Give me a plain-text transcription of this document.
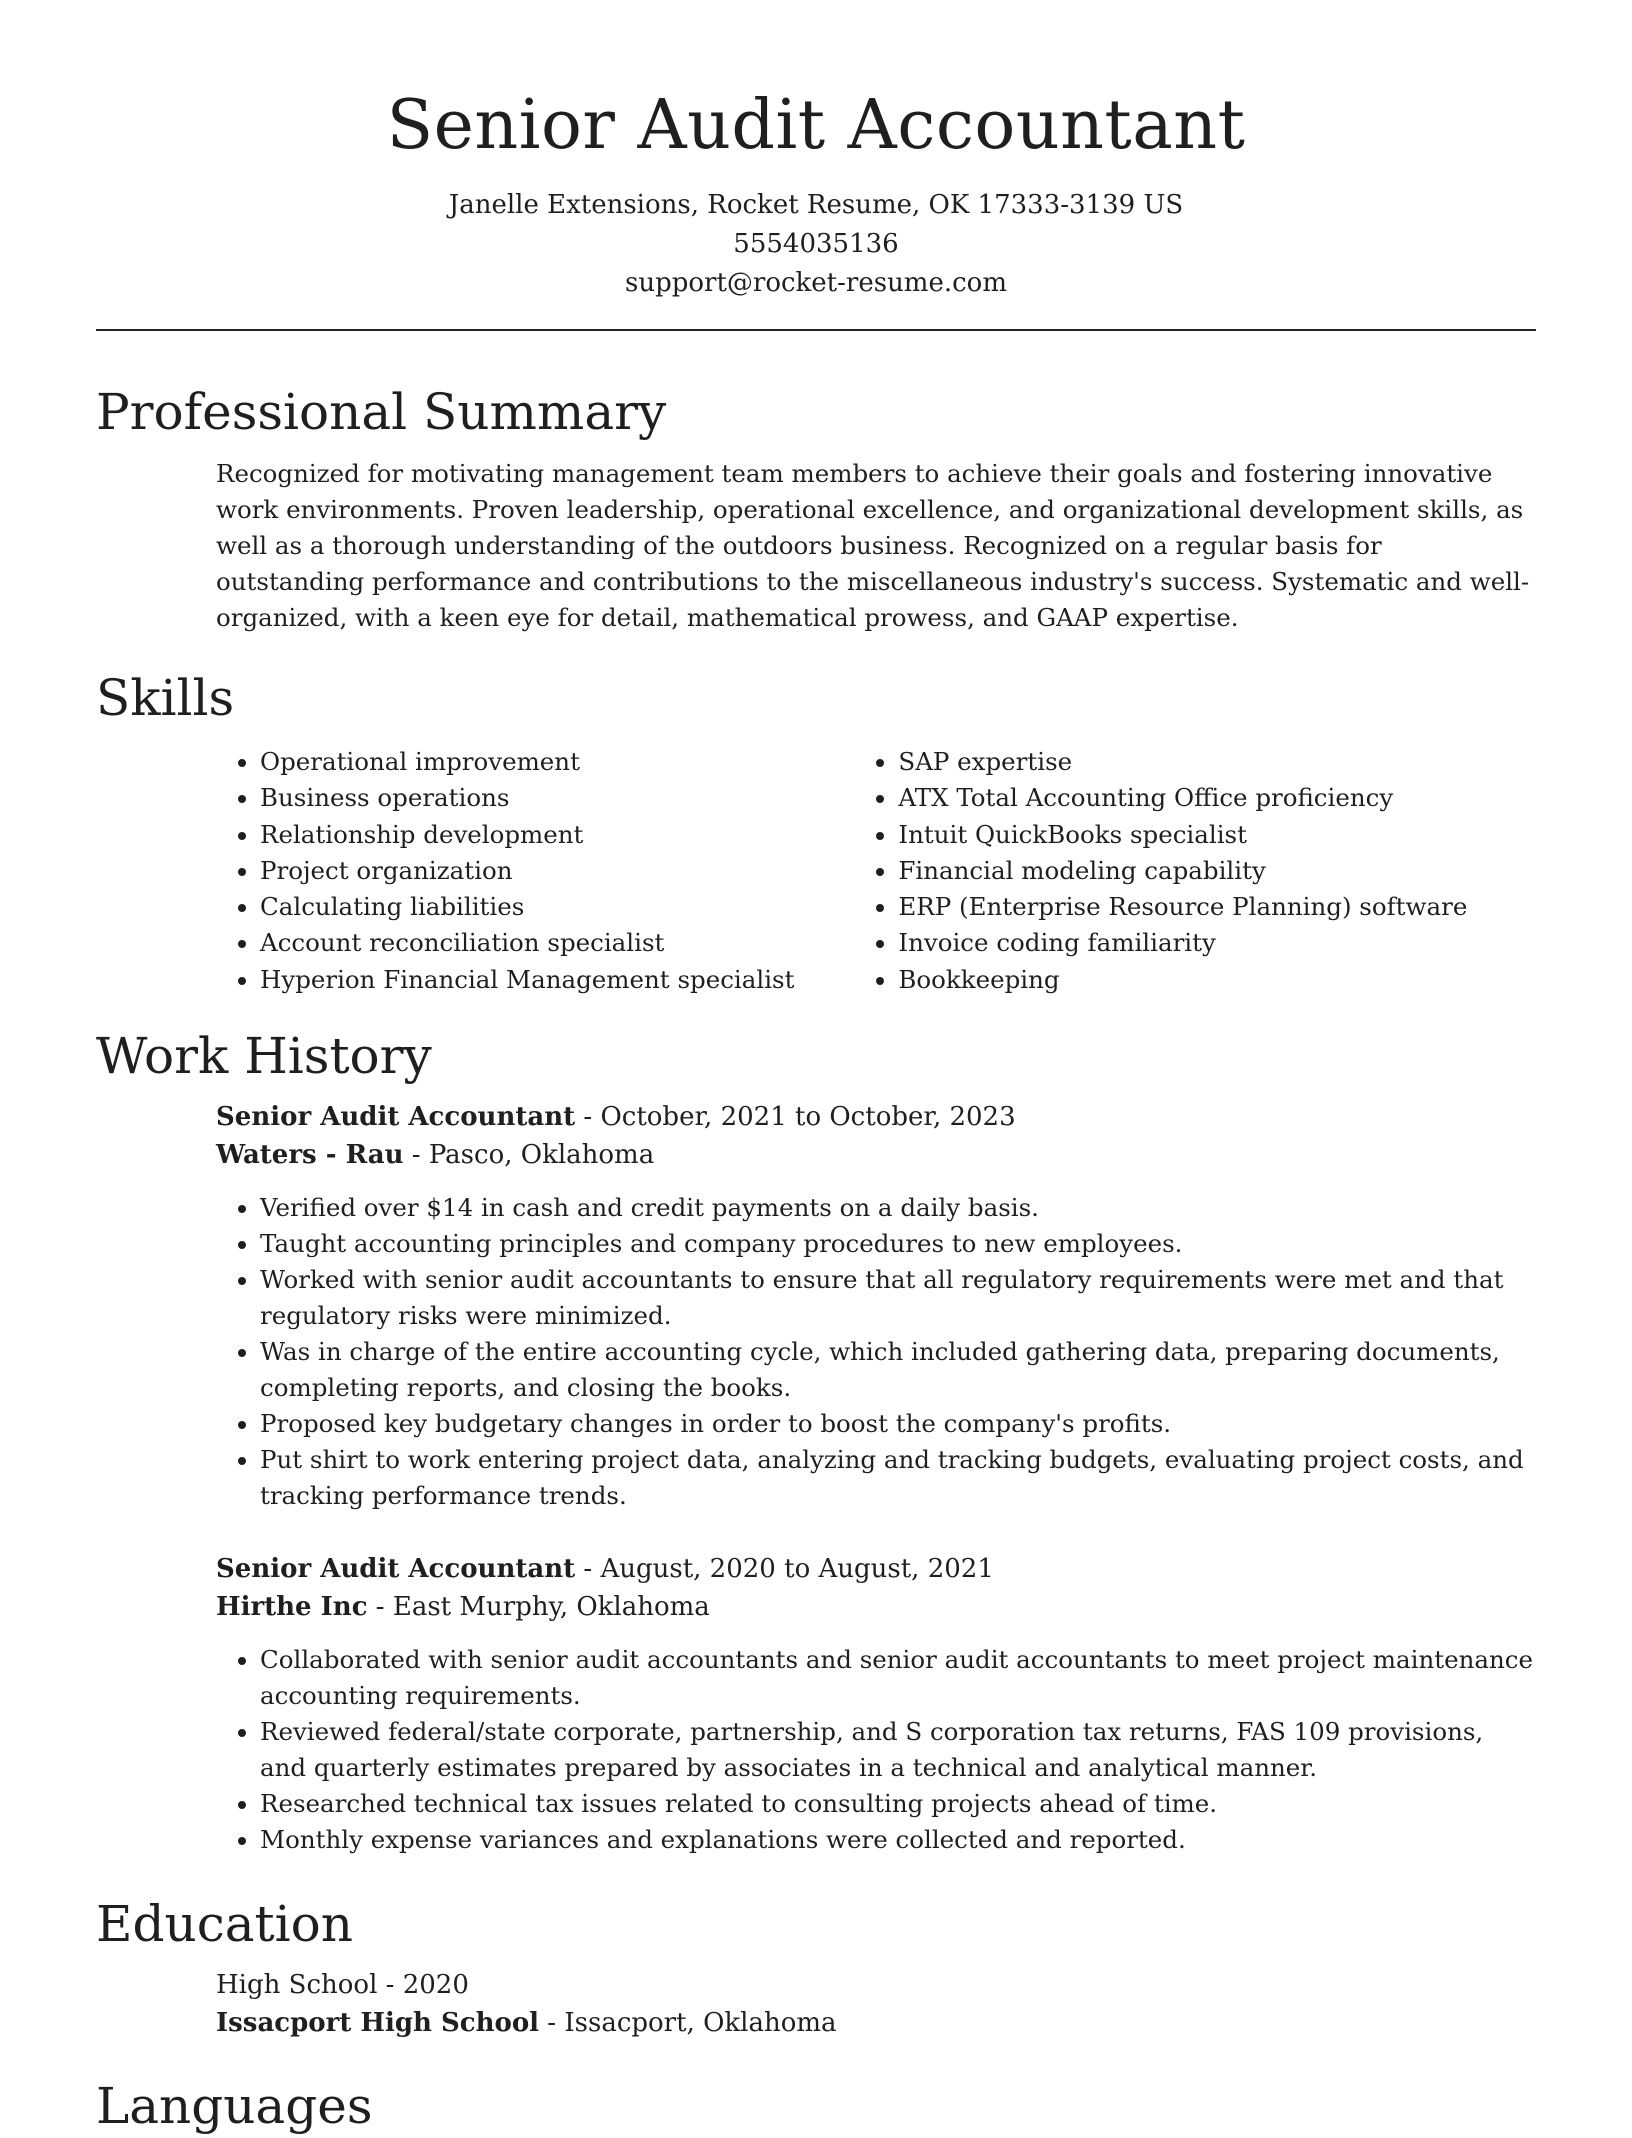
Senior Audit Accountant
Janelle Extensions, Rocket Resume, OK 17333-3139 US
5554035136
support@rocket-resume.com
Professional Summary

Recognized for motivating management team members to achieve their goals and fostering innovative work environments. Proven leadership, operational excellence, and organizational development skills, as well as a thorough understanding of the outdoors business. Recognized on a regular basis for outstanding performance and contributions to the miscellaneous industry's success. Systematic and well-organized, with a keen eye for detail, mathematical prowess, and GAAP expertise.

Skills
• Operational improvement
• Business operations
• Relationship development
• Project organization
• Calculating liabilities
• Account reconciliation specialist
• Hyperion Financial Management specialist
• SAP expertise
• ATX Total Accounting Office proficiency
• Intuit QuickBooks specialist
• Financial modeling capability
• ERP (Enterprise Resource Planning) software
• Invoice coding familiarity
• Bookkeeping
Work History
Senior Audit Accountant - October, 2021 to October, 2023
Waters - Rau - Pasco, Oklahoma
• Verified over $14 in cash and credit payments on a daily basis.
• Taught accounting principles and company procedures to new employees.
• Worked with senior audit accountants to ensure that all regulatory requirements were met and that regulatory risks were minimized.
• Was in charge of the entire accounting cycle, which included gathering data, preparing documents, completing reports, and closing the books.
• Proposed key budgetary changes in order to boost the company's profits.
• Put shirt to work entering project data, analyzing and tracking budgets, evaluating project costs, and tracking performance trends.
Senior Audit Accountant - August, 2020 to August, 2021
Hirthe Inc - East Murphy, Oklahoma
• Collaborated with senior audit accountants and senior audit accountants to meet project maintenance accounting requirements.
• Reviewed federal/state corporate, partnership, and S corporation tax returns, FAS 109 provisions, and quarterly estimates prepared by associates in a technical and analytical manner.
• Researched technical tax issues related to consulting projects ahead of time.
• Monthly expense variances and explanations were collected and reported.
Education
High School - 2020
Issacport High School - Issacport, Oklahoma
Languages
